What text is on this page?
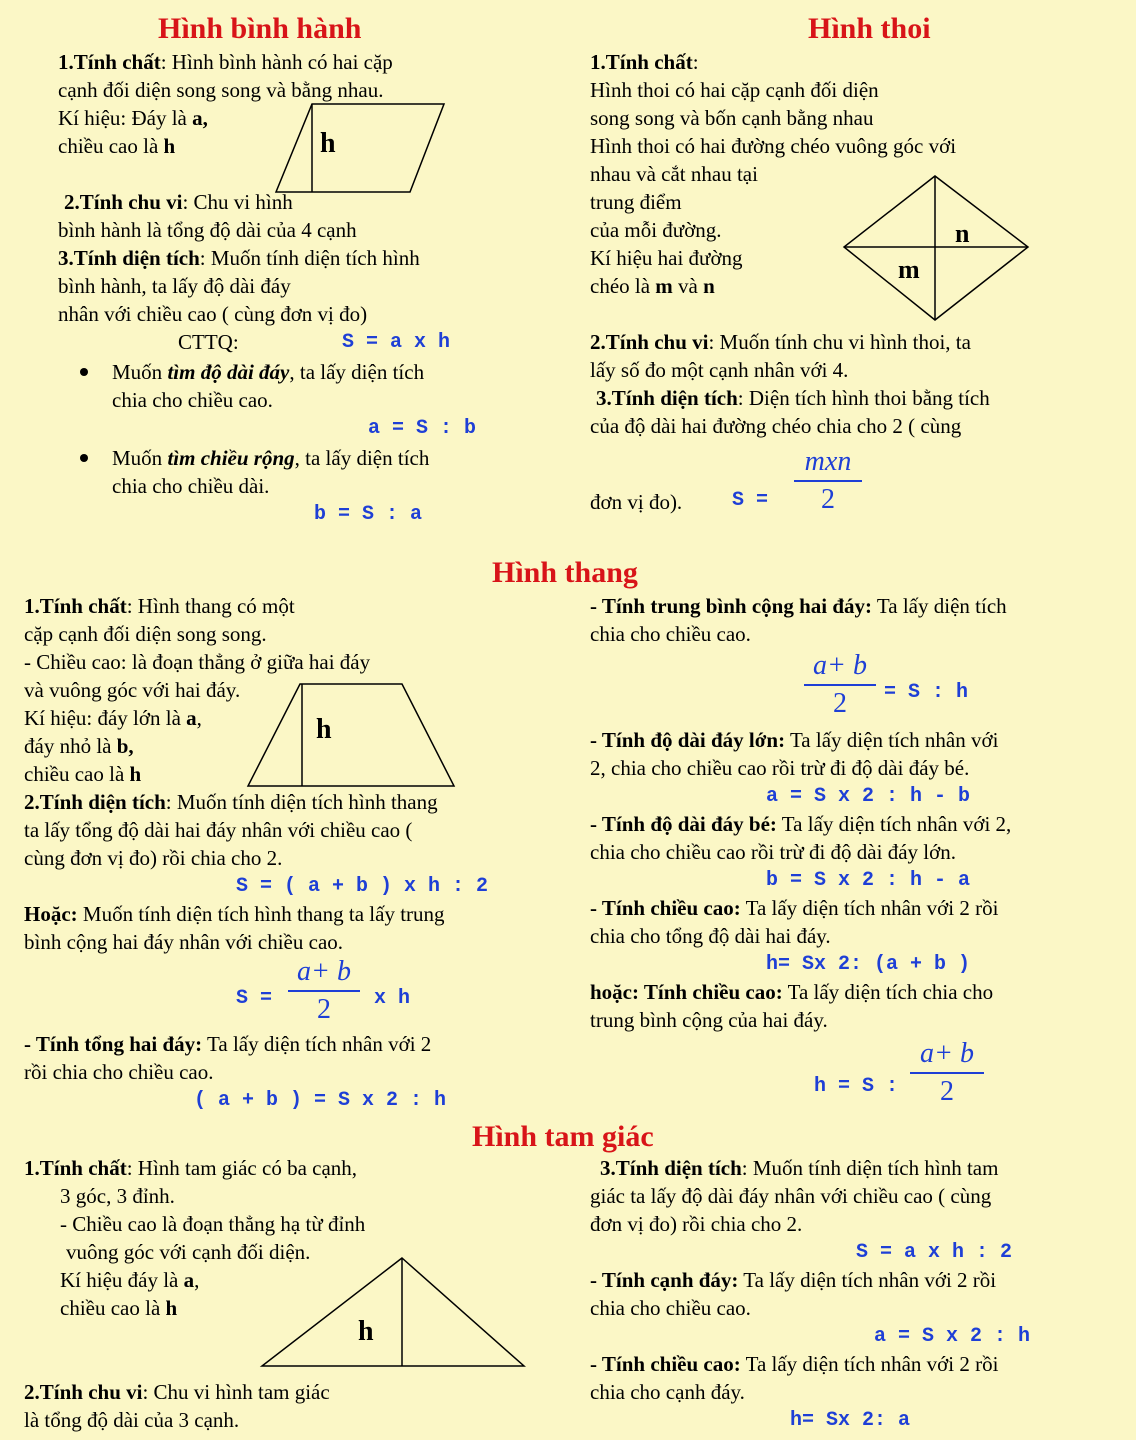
Hình bình hành
1.Tính chất: Hình bình hành có hai cặp
cạnh đối diện song song và bằng nhau.
Kí hiệu: Đáy là a,
chiều cao là h	h
2.Tính chu vi: Chu vi hình
bình hành là tổng độ dài của 4 cạnh
3.Tính diện tích: Muốn tính diện tích hình
bình hành, ta lấy độ dài đáy
nhân với chiều cao ( cùng đơn vị đo)
CTTQ:	S = a x h
Muốn tìm độ dài đáy, ta lấy diện tích
chia cho chiều cao.
a = S : b
Muốn tìm chiều rộng, ta lấy diện tích
chia cho chiều dài.
b = S : a
Hình thoi
1.Tính chất:
Hình thoi có hai cặp cạnh đối diện
song song và bốn cạnh bằng nhau
Hình thoi có hai đường chéo vuông góc với
nhau và cắt nhau tại
trung điểm
của mỗi đường.
Kí hiệu hai đường
chéo là m và n
n
m
2.Tính chu vi: Muốn tính chu vi hình thoi, ta
lấy số đo một cạnh nhân với 4.
3.Tính diện tích: Diện tích hình thoi bằng tích
của độ dài hai đường chéo chia cho 2 ( cùng
đơn vị đo). S =
mxn
2
Hình thang
1.Tính chất: Hình thang có một
cặp cạnh đối diện song song.
- Chiều cao: là đoạn thẳng ở giữa hai đáy
và vuông góc với hai đáy.
Kí hiệu: đáy lớn là a,
đáy nhỏ là b,
chiều cao là h
h
2.Tính diện tích: Muốn tính diện tích hình thang
ta lấy tổng độ dài hai đáy nhân với chiều cao (
cùng đơn vị đo) rồi chia cho 2.
S = ( a + b ) x h : 2
Hoặc: Muốn tính diện tích hình thang ta lấy trung
bình cộng hai đáy nhân với chiều cao.
S =
a+ b
2	x h
- Tính tổng hai đáy: Ta lấy diện tích nhân với 2
rồi chia cho chiều cao.
( a + b ) = S x 2 : h
- Tính trung bình cộng hai đáy: Ta lấy diện tích
chia cho chiều cao.
a+ b
2	= S : h
- Tính độ dài đáy lớn: Ta lấy diện tích nhân với
2, chia cho chiều cao rồi trừ đi độ dài đáy bé.
a = S x 2 : h - b
- Tính độ dài đáy bé: Ta lấy diện tích nhân với 2,
chia cho chiều cao rồi trừ đi độ dài đáy lớn.
b = S x 2 : h - a
- Tính chiều cao: Ta lấy diện tích nhân với 2 rồi
chia cho tổng độ dài hai đáy.
h= Sx 2: (a + b )
hoặc: Tính chiều cao: Ta lấy diện tích chia cho
trung bình cộng của hai đáy.
h = S :
a+ b
2
Hình tam giác
1.Tính chất: Hình tam giác có ba cạnh,
3 góc, 3 đỉnh.
- Chiều cao là đoạn thẳng hạ từ đỉnh
vuông góc với cạnh đối diện.
Kí hiệu đáy là a,
chiều cao là h
h
2.Tính chu vi: Chu vi hình tam giác
là tổng độ dài của 3 cạnh.
3.Tính diện tích: Muốn tính diện tích hình tam
giác ta lấy độ dài đáy nhân với chiều cao ( cùng
đơn vị đo) rồi chia cho 2.
S = a x h : 2
- Tính cạnh đáy: Ta lấy diện tích nhân với 2 rồi
chia cho chiều cao.
a = S x 2 : h
- Tính chiều cao: Ta lấy diện tích nhân với 2 rồi
chia cho cạnh đáy.
h= Sx 2: a
